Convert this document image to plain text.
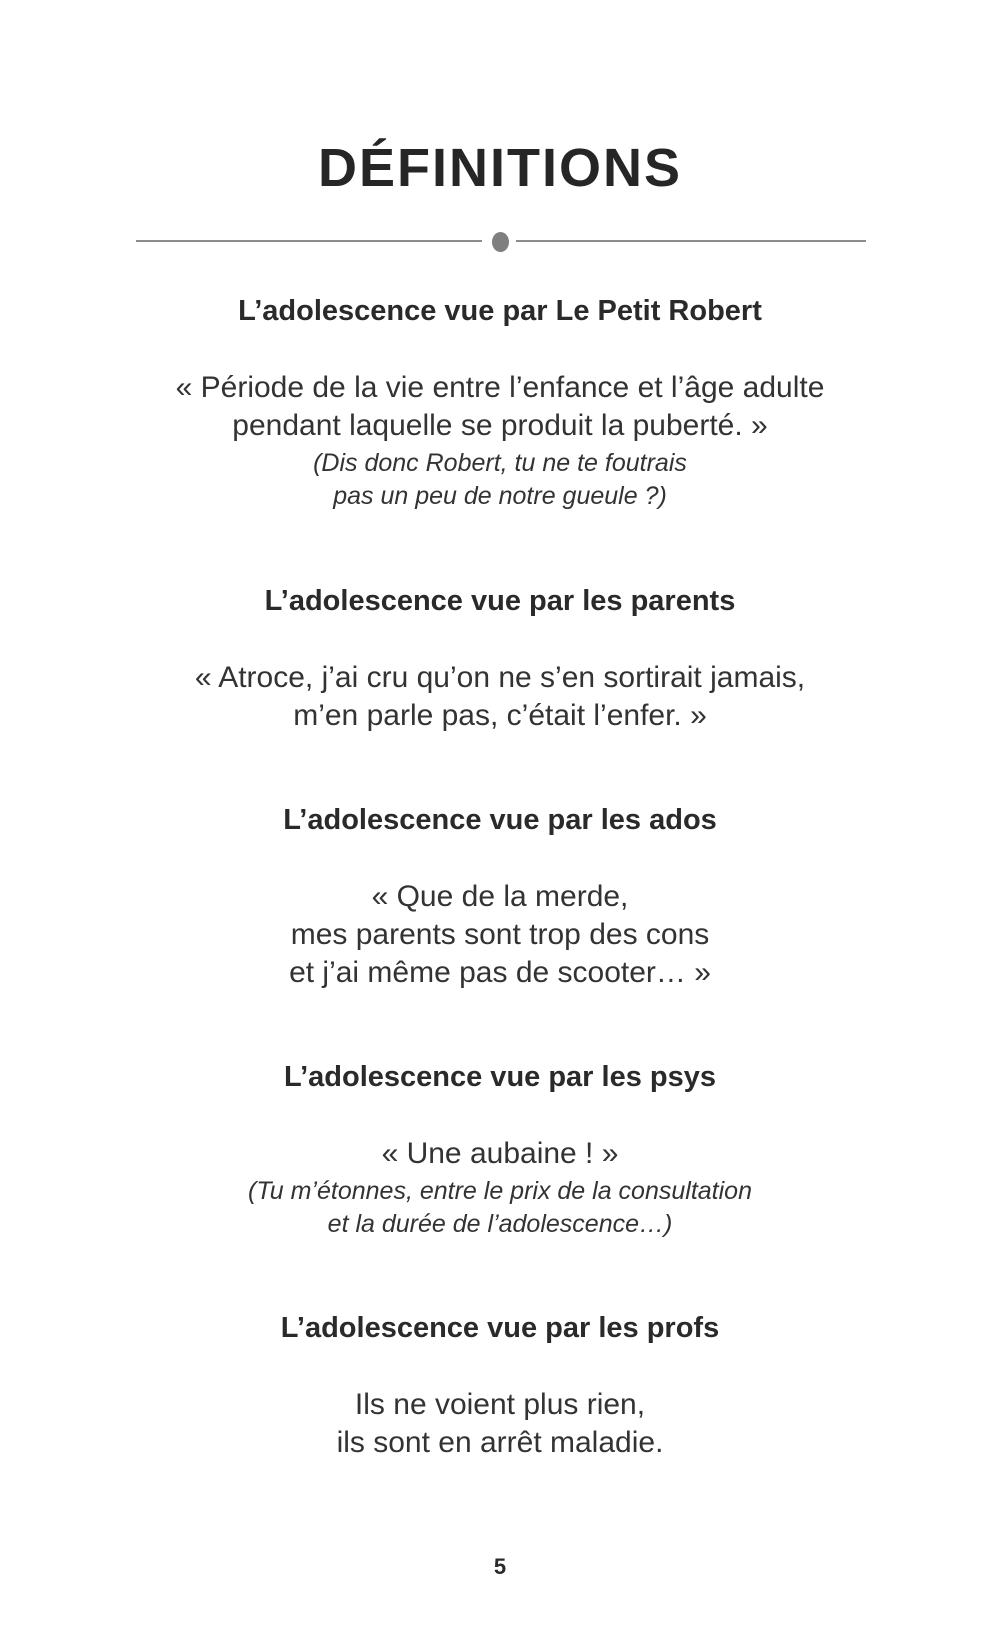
DÉFINITIONS
L’adolescence vue par Le Petit Robert
« Période de la vie entre l’enfance et l’âge adulte
pendant laquelle se produit la puberté. »
(Dis donc Robert, tu ne te foutrais
pas un peu de notre gueule ?)
L’adolescence vue par les parents
« Atroce, j’ai cru qu’on ne s’en sortirait jamais,
m’en parle pas, c’était l’enfer. »
L’adolescence vue par les ados
« Que de la merde,
mes parents sont trop des cons
et j’ai même pas de scooter… »
L’adolescence vue par les psys
« Une aubaine ! »
(Tu m’étonnes, entre le prix de la consultation
et la durée de l’adolescence…)
L’adolescence vue par les profs
Ils ne voient plus rien,
ils sont en arrêt maladie.
5
